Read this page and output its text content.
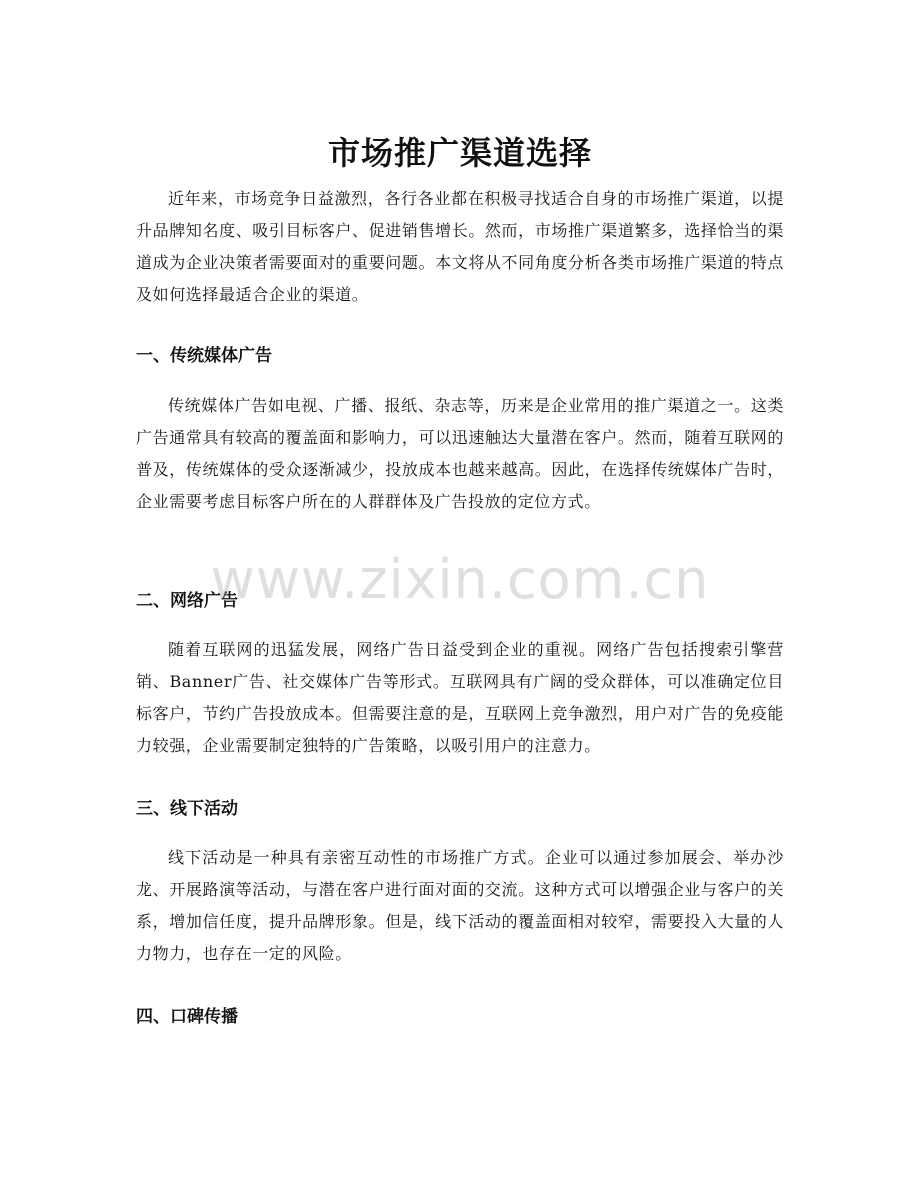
市场推广渠道选择

近年来，市场竞争日益激烈，各行各业都在积极寻找适合自身的市场推广渠道，以提升品牌知名度、吸引目标客户、促进销售增长。然而，市场推广渠道繁多，选择恰当的渠道成为企业决策者需要面对的重要问题。本文将从不同角度分析各类市场推广渠道的特点及如何选择最适合企业的渠道。

一、传统媒体广告

传统媒体广告如电视、广播、报纸、杂志等，历来是企业常用的推广渠道之一。这类广告通常具有较高的覆盖面和影响力，可以迅速触达大量潜在客户。然而，随着互联网的普及，传统媒体的受众逐渐减少，投放成本也越来越高。因此，在选择传统媒体广告时，企业需要考虑目标客户所在的人群群体及广告投放的定位方式。

二、网络广告

随着互联网的迅猛发展，网络广告日益受到企业的重视。网络广告包括搜索引擎营销、Banner广告、社交媒体广告等形式。互联网具有广阔的受众群体，可以准确定位目标客户，节约广告投放成本。但需要注意的是，互联网上竞争激烈，用户对广告的免疫能力较强，企业需要制定独特的广告策略，以吸引用户的注意力。

三、线下活动

线下活动是一种具有亲密互动性的市场推广方式。企业可以通过参加展会、举办沙龙、开展路演等活动，与潜在客户进行面对面的交流。这种方式可以增强企业与客户的关系，增加信任度，提升品牌形象。但是，线下活动的覆盖面相对较窄，需要投入大量的人力物力，也存在一定的风险。

四、口碑传播
www.zixin.com.cn
